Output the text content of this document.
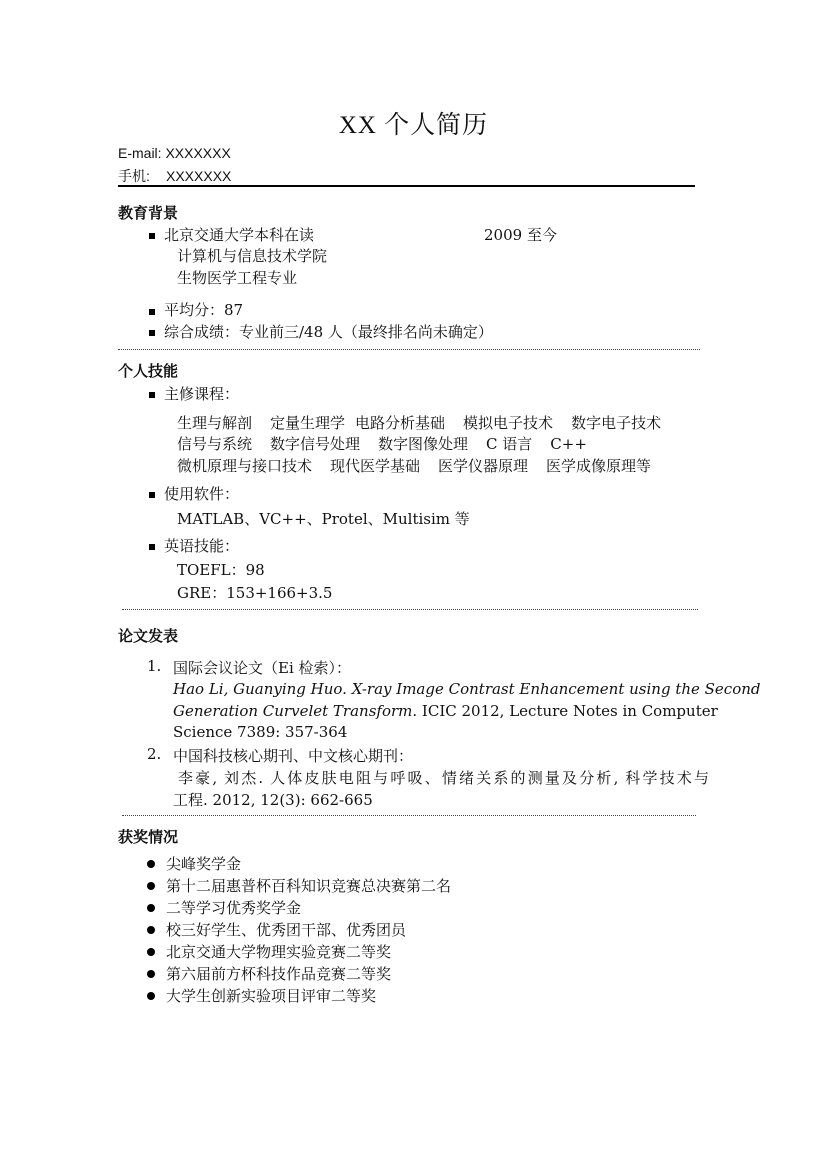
XX 个人简历
E-mail: XXXXXXX
手机: XXXXXXX
教育背景
北京交通大学本科在读	2009 至今
计算机与信息技术学院
生物医学工程专业
平均分：87
综合成绩：专业前三/48 人（最终排名尚未确定）
个人技能
主修课程：
生理与解剖 定量生理学 电路分析基础 模拟电子技术 数字电子技术
信号与系统 数字信号处理 数字图像处理 C 语言 C++
微机原理与接口技术 现代医学基础 医学仪器原理 医学成像原理等
使用软件：
MATLAB、VC++、Protel、Multisim 等
英语技能：
TOEFL：98
GRE：153+166+3.5
论文发表
1. 国际会议论文（Ei 检索）：
Hao Li, Guanying Huo. X-ray Image Contrast Enhancement using the Second
Generation Curvelet Transform. ICIC 2012, Lecture Notes in Computer
Science 7389: 357-364
2. 中国科技核心期刊、中文核心期刊：
李豪, 刘杰. 人体皮肤电阻与呼吸、情绪关系的测量及分析, 科学技术与
工程. 2012, 12(3): 662-665
获奖情况
尖峰奖学金
第十二届惠普杯百科知识竞赛总决赛第二名
二等学习优秀奖学金
校三好学生、优秀团干部、优秀团员
北京交通大学物理实验竞赛二等奖
第六届前方杯科技作品竞赛二等奖
大学生创新实验项目评审二等奖
